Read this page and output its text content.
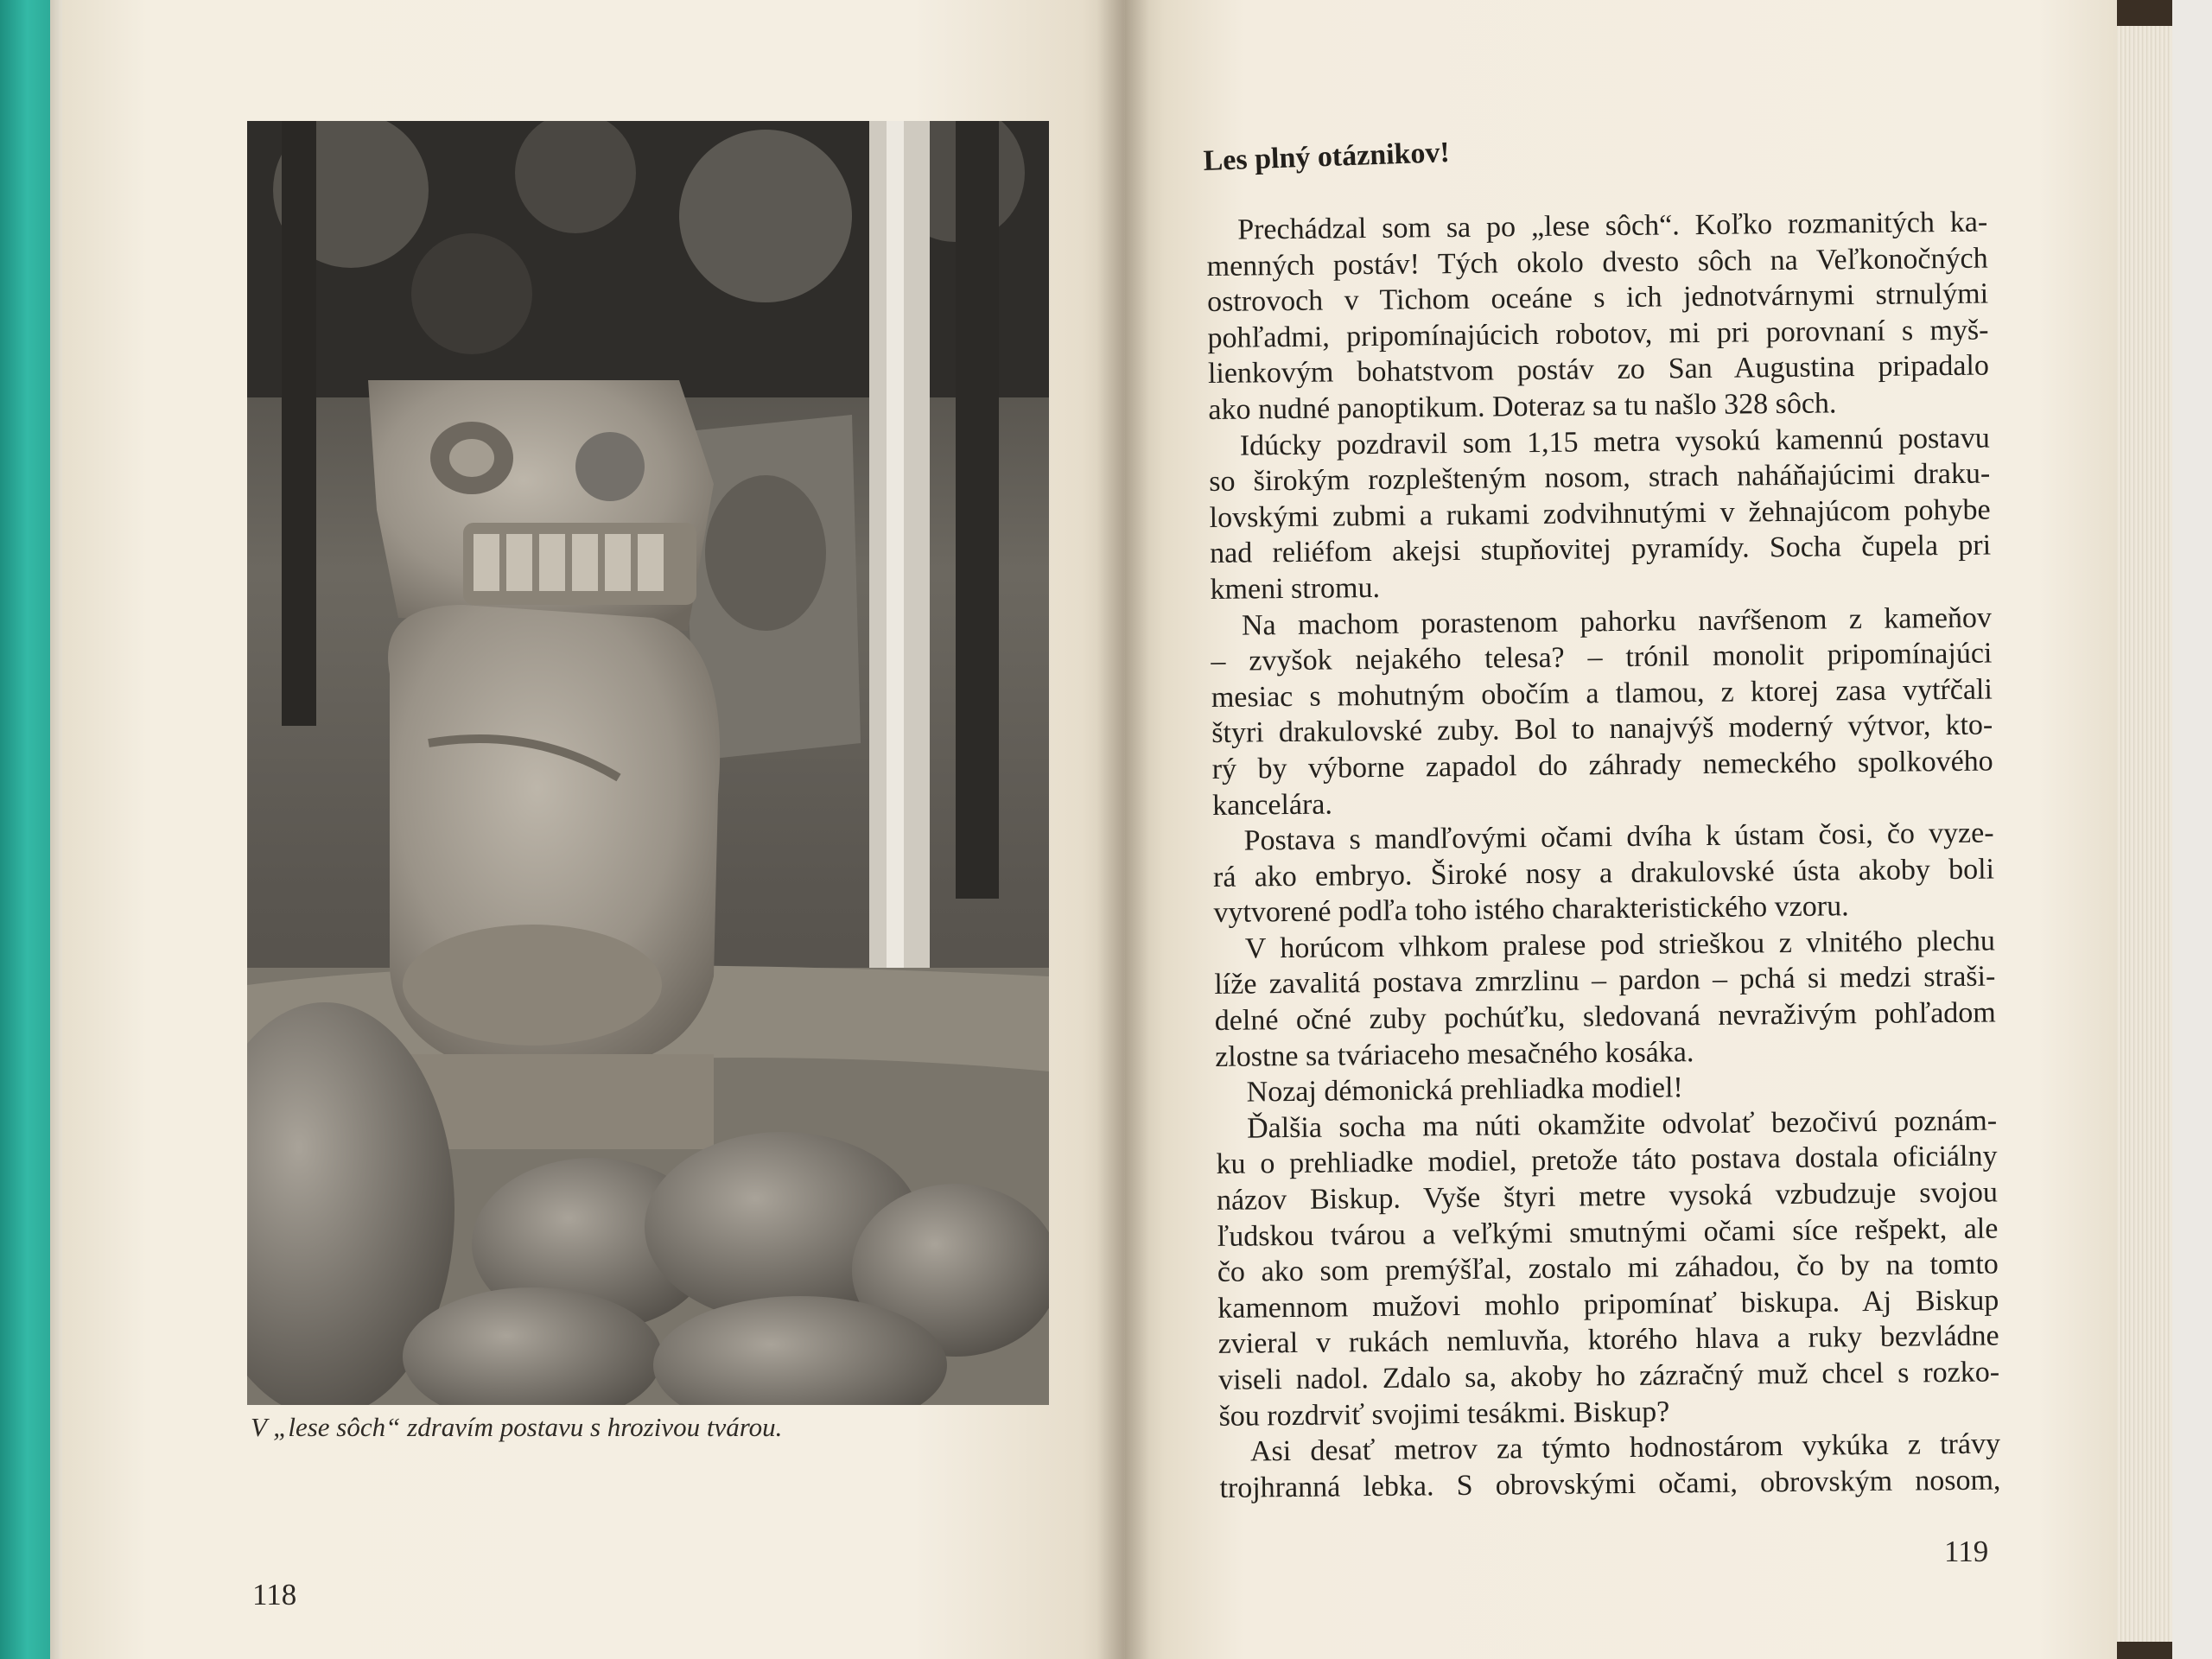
V „lese sôch“ zdravím postavu s hrozivou tvárou.
118
Les plný otáznikov!
Prechádzal som sa po „lese sôch“. Koľko rozmanitých ka-
menných postáv! Tých okolo dvesto sôch na Veľkonočných
ostrovoch v Tichom oceáne s ich jednotvárnymi strnulými
pohľadmi, pripomínajúcich robotov, mi pri porovnaní s myš-
lienkovým bohatstvom postáv zo San Augustina pripadalo
ako nudné panoptikum. Doteraz sa tu našlo 328 sôch.
Idúcky pozdravil som 1,15 metra vysokú kamennú postavu
so širokým rozplešteným nosom, strach naháňajúcimi draku-
lovskými zubmi a rukami zodvihnutými v žehnajúcom pohybe
nad reliéfom akejsi stupňovitej pyramídy. Socha čupela pri
kmeni stromu.
Na machom porastenom pahorku navŕšenom z kameňov
– zvyšok nejakého telesa? – trónil monolit pripomínajúci
mesiac s mohutným obočím a tlamou, z ktorej zasa vytŕčali
štyri drakulovské zuby. Bol to nanajvýš moderný výtvor, kto-
rý by výborne zapadol do záhrady nemeckého spolkového
kancelára.
Postava s mandľovými očami dvíha k ústam čosi, čo vyze-
rá ako embryo. Široké nosy a drakulovské ústa akoby boli
vytvorené podľa toho istého charakteristického vzoru.
V horúcom vlhkom pralese pod strieškou z vlnitého plechu
líže zavalitá postava zmrzlinu – pardon – pchá si medzi straši-
delné očné zuby pochúťku, sledovaná nevraživým pohľadom
zlostne sa tváriaceho mesačného kosáka.
Nozaj démonická prehliadka modiel!
Ďalšia socha ma núti okamžite odvolať bezočivú poznám-
ku o prehliadke modiel, pretože táto postava dostala oficiálny
názov Biskup. Vyše štyri metre vysoká vzbudzuje svojou
ľudskou tvárou a veľkými smutnými očami síce rešpekt, ale
čo ako som premýšľal, zostalo mi záhadou, čo by na tomto
kamennom mužovi mohlo pripomínať biskupa. Aj Biskup
zvieral v rukách nemluvňa, ktorého hlava a ruky bezvládne
viseli nadol. Zdalo sa, akoby ho zázračný muž chcel s rozko-
šou rozdrviť svojimi tesákmi. Biskup?
Asi desať metrov za týmto hodnostárom vykúka z trávy
trojhranná lebka. S obrovskými očami, obrovským nosom,
119
